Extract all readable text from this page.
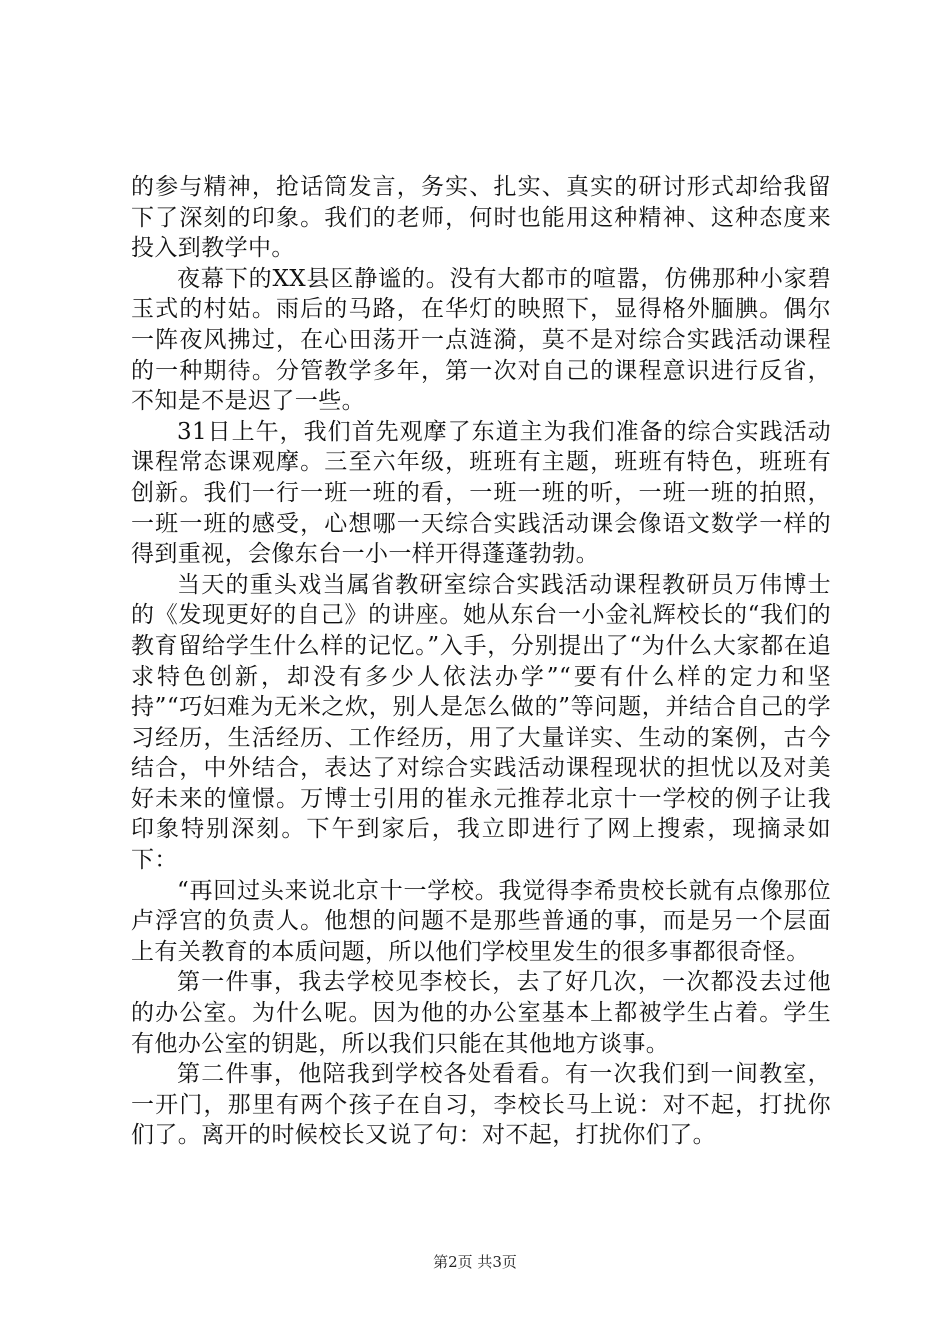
的参与精神，抢话筒发言，务实、扎实、真实的研讨形式却给我留下了深刻的印象。我们的老师，何时也能用这种精神、这种态度来投入到教学中。

夜幕下的XX县区静谧的。没有大都市的喧嚣，仿佛那种小家碧玉式的村姑。雨后的马路，在华灯的映照下，显得格外腼腆。偶尔一阵夜风拂过，在心田荡开一点涟漪，莫不是对综合实践活动课程的一种期待。分管教学多年，第一次对自己的课程意识进行反省，不知是不是迟了一些。

31日上午，我们首先观摩了东道主为我们准备的综合实践活动课程常态课观摩。三至六年级，班班有主题，班班有特色，班班有创新。我们一行一班一班的看，一班一班的听，一班一班的拍照，一班一班的感受，心想哪一天综合实践活动课会像语文数学一样的得到重视，会像东台一小一样开得蓬蓬勃勃。

当天的重头戏当属省教研室综合实践活动课程教研员万伟博士的《发现更好的自己》的讲座。她从东台一小金礼辉校长的“我们的教育留给学生什么样的记忆。”入手，分别提出了“为什么大家都在追求特色创新，却没有多少人依法办学”“要有什么样的定力和坚持”“巧妇难为无米之炊，别人是怎么做的”等问题，并结合自己的学习经历，生活经历、工作经历，用了大量详实、生动的案例，古今结合，中外结合，表达了对综合实践活动课程现状的担忧以及对美好未来的憧憬。万博士引用的崔永元推荐北京十一学校的例子让我印象特别深刻。下午到家后，我立即进行了网上搜索，现摘录如下：

“再回过头来说北京十一学校。我觉得李希贵校长就有点像那位卢浮宫的负责人。他想的问题不是那些普通的事，而是另一个层面上有关教育的本质问题，所以他们学校里发生的很多事都很奇怪。

第一件事，我去学校见李校长，去了好几次，一次都没去过他的办公室。为什么呢。因为他的办公室基本上都被学生占着。学生有他办公室的钥匙，所以我们只能在其他地方谈事。

第二件事，他陪我到学校各处看看。有一次我们到一间教室，一开门，那里有两个孩子在自习，李校长马上说：对不起，打扰你们了。离开的时候校长又说了句：对不起，打扰你们了。

第2页 共3页
